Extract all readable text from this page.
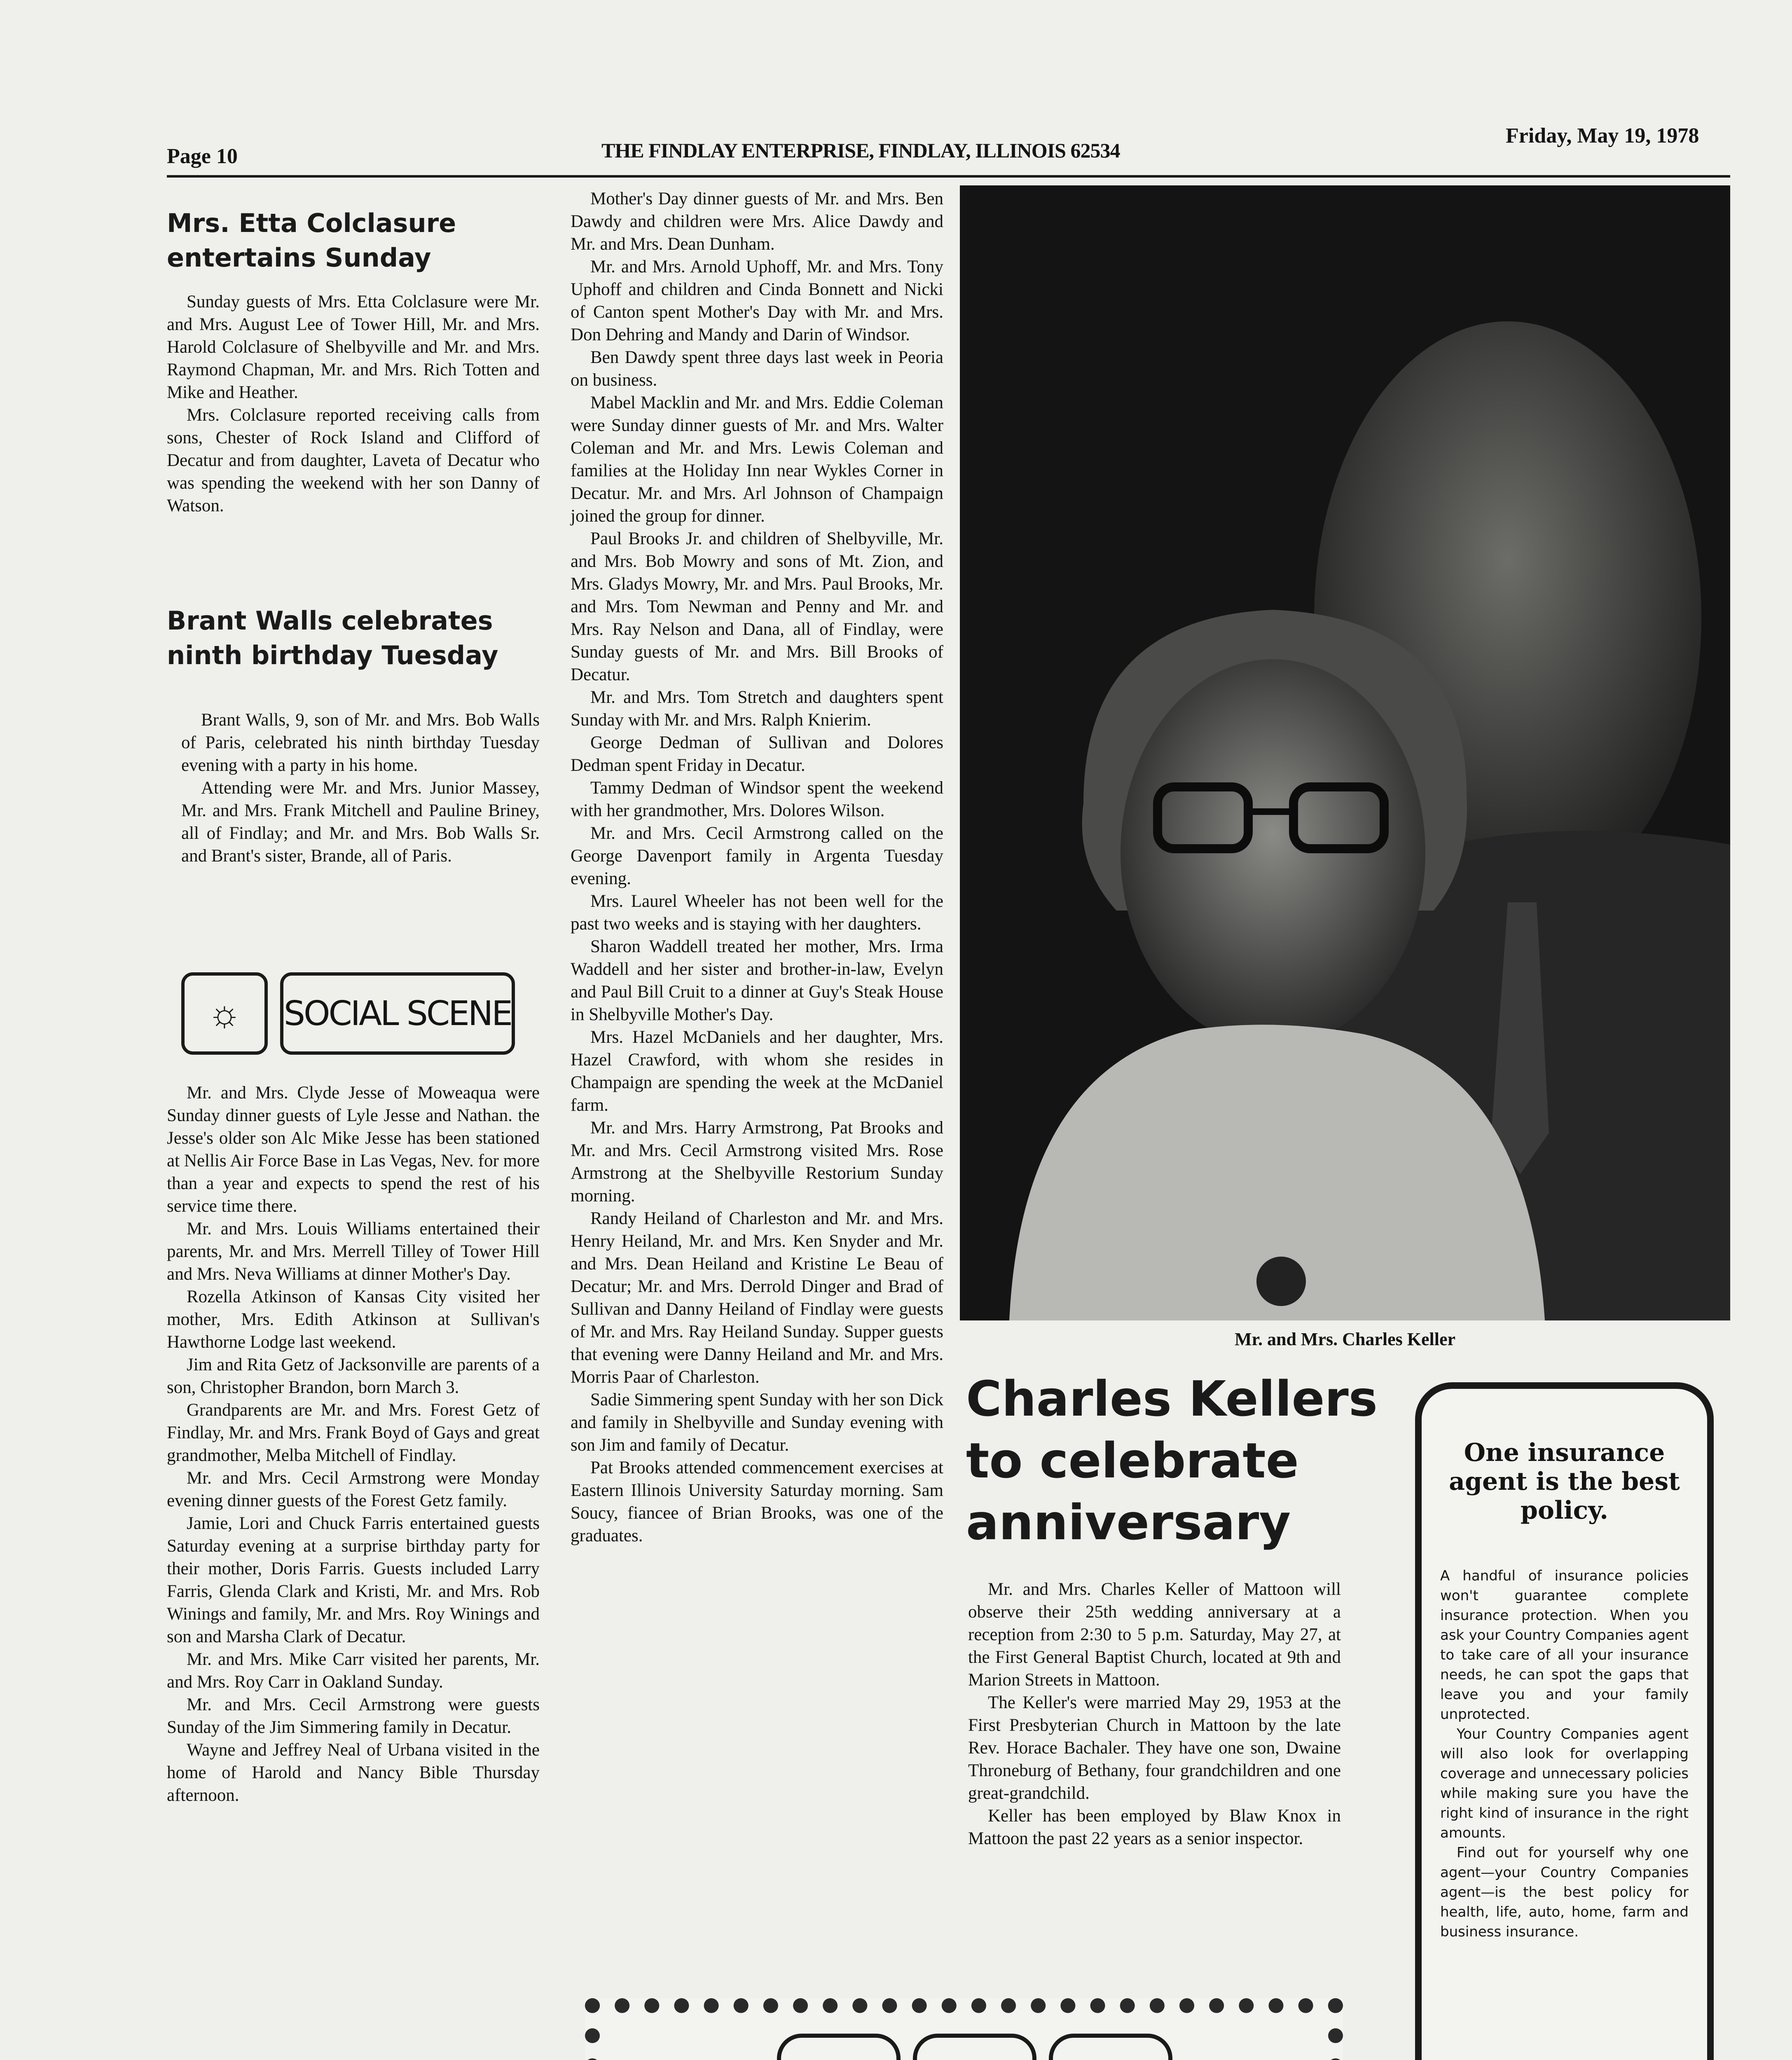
Page 10	THE FINDLAY ENTERPRISE, FINDLAY, ILLINOIS 62534
Friday, May 19, 1978
Mrs. Etta Colclasure entertains Sunday

Sunday guests of Mrs. Etta Colclasure were Mr. and Mrs. August Lee of Tower Hill, Mr. and Mrs. Harold Colclasure of Shelbyville and Mr. and Mrs. Raymond Chapman, Mr. and Mrs. Rich Totten and Mike and Heather.

Mrs. Colclasure reported receiving calls from sons, Chester of Rock Island and Clifford of Decatur and from daughter, Laveta of Decatur who was spending the weekend with her son Danny of Watson.

Brant Walls celebrates ninth birthday Tuesday

Brant Walls, 9, son of Mr. and Mrs. Bob Walls of Paris, celebrated his ninth birthday Tuesday evening with a party in his home.

Attending were Mr. and Mrs. Junior Massey, Mr. and Mrs. Frank Mitchell and Pauline Briney, all of Findlay; and Mr. and Mrs. Bob Walls Sr. and Brant's sister, Brande, all of Paris.

☼	SOCIAL SCENE

Mr. and Mrs. Clyde Jesse of Moweaqua were Sunday dinner guests of Lyle Jesse and Nathan. the Jesse's older son Alc Mike Jesse has been stationed at Nellis Air Force Base in Las Vegas, Nev. for more than a year and expects to spend the rest of his service time there.

Mr. and Mrs. Louis Williams entertained their parents, Mr. and Mrs. Merrell Tilley of Tower Hill and Mrs. Neva Williams at dinner Mother's Day.

Rozella Atkinson of Kansas City visited her mother, Mrs. Edith Atkinson at Sullivan's Hawthorne Lodge last weekend.

Jim and Rita Getz of Jacksonville are parents of a son, Christopher Brandon, born March 3.

Grandparents are Mr. and Mrs. Forest Getz of Findlay, Mr. and Mrs. Frank Boyd of Gays and great grandmother, Melba Mitchell of Findlay.

Mr. and Mrs. Cecil Armstrong were Monday evening dinner guests of the Forest Getz family.

Jamie, Lori and Chuck Farris entertained guests Saturday evening at a surprise birthday party for their mother, Doris Farris. Guests included Larry Farris, Glenda Clark and Kristi, Mr. and Mrs. Rob Winings and family, Mr. and Mrs. Roy Winings and son and Marsha Clark of Decatur.

Mr. and Mrs. Mike Carr visited her parents, Mr. and Mrs. Roy Carr in Oakland Sunday.

Mr. and Mrs. Cecil Armstrong were guests Sunday of the Jim Simmering family in Decatur.

Wayne and Jeffrey Neal of Urbana visited in the home of Harold and Nancy Bible Thursday afternoon.

Mother's Day dinner guests of Mr. and Mrs. Ben Dawdy and children were Mrs. Alice Dawdy and Mr. and Mrs. Dean Dunham.

Mr. and Mrs. Arnold Uphoff, Mr. and Mrs. Tony Uphoff and children and Cinda Bonnett and Nicki of Canton spent Mother's Day with Mr. and Mrs. Don Dehring and Mandy and Darin of Windsor.

Ben Dawdy spent three days last week in Peoria on business.

Mabel Macklin and Mr. and Mrs. Eddie Coleman were Sunday dinner guests of Mr. and Mrs. Walter Coleman and Mr. and Mrs. Lewis Coleman and families at the Holiday Inn near Wykles Corner in Decatur. Mr. and Mrs. Arl Johnson of Champaign joined the group for dinner.

Paul Brooks Jr. and children of Shelbyville, Mr. and Mrs. Bob Mowry and sons of Mt. Zion, and Mrs. Gladys Mowry, Mr. and Mrs. Paul Brooks, Mr. and Mrs. Tom Newman and Penny and Mr. and Mrs. Ray Nelson and Dana, all of Findlay, were Sunday guests of Mr. and Mrs. Bill Brooks of Decatur.

Mr. and Mrs. Tom Stretch and daughters spent Sunday with Mr. and Mrs. Ralph Knierim.

George Dedman of Sullivan and Dolores Dedman spent Friday in Decatur.

Tammy Dedman of Windsor spent the weekend with her grandmother, Mrs. Dolores Wilson.

Mr. and Mrs. Cecil Armstrong called on the George Davenport family in Argenta Tuesday evening.

Mrs. Laurel Wheeler has not been well for the past two weeks and is staying with her daughters.

Sharon Waddell treated her mother, Mrs. Irma Waddell and her sister and brother-in-law, Evelyn and Paul Bill Cruit to a dinner at Guy's Steak House in Shelbyville Mother's Day.

Mrs. Hazel McDaniels and her daughter, Mrs. Hazel Crawford, with whom she resides in Champaign are spending the week at the McDaniel farm.

Mr. and Mrs. Harry Armstrong, Pat Brooks and Mr. and Mrs. Cecil Armstrong visited Mrs. Rose Armstrong at the Shelbyville Restorium Sunday morning.

Randy Heiland of Charleston and Mr. and Mrs. Henry Heiland, Mr. and Mrs. Ken Snyder and Mr. and Mrs. Dean Heiland and Kristine Le Beau of Decatur; Mr. and Mrs. Derrold Dinger and Brad of Sullivan and Danny Heiland of Findlay were guests of Mr. and Mrs. Ray Heiland Sunday. Supper guests that evening were Danny Heiland and Mr. and Mrs. Morris Paar of Charleston.

Sadie Simmering spent Sunday with her son Dick and family in Shelbyville and Sunday evening with son Jim and family of Decatur.

Pat Brooks attended commencement exercises at Eastern Illinois University Saturday morning. Sam Soucy, fiancee of Brian Brooks, was one of the graduates.

Mr. and Mrs. Charles Keller
Charles Kellers to celebrate anniversary

Mr. and Mrs. Charles Keller of Mattoon will observe their 25th wedding anniversary at a reception from 2:30 to 5 p.m. Saturday, May 27, at the First General Baptist Church, located at 9th and Marion Streets in Mattoon.

The Keller's were married May 29, 1953 at the First Presbyterian Church in Mattoon by the late Rev. Horace Bachaler. They have one son, Dwaine Throneburg of Bethany, four grandchildren and one great-grandchild.

Keller has been employed by Blaw Knox in Mattoon the past 22 years as a senior inspector.

One insurance agent is the best policy.

A handful of insurance policies won't guarantee complete insurance protection. When you ask your Country Companies agent to take care of all your insurance needs, he can spot the gaps that leave you and your family unprotected.

Your Country Companies agent will also look for overlapping coverage and unnecessary policies while making sure you have the right kind of insurance in the right amounts.

Find out for yourself why one agent—your Country Companies agent—is the best policy for health, life, auto, home, farm and business insurance.
